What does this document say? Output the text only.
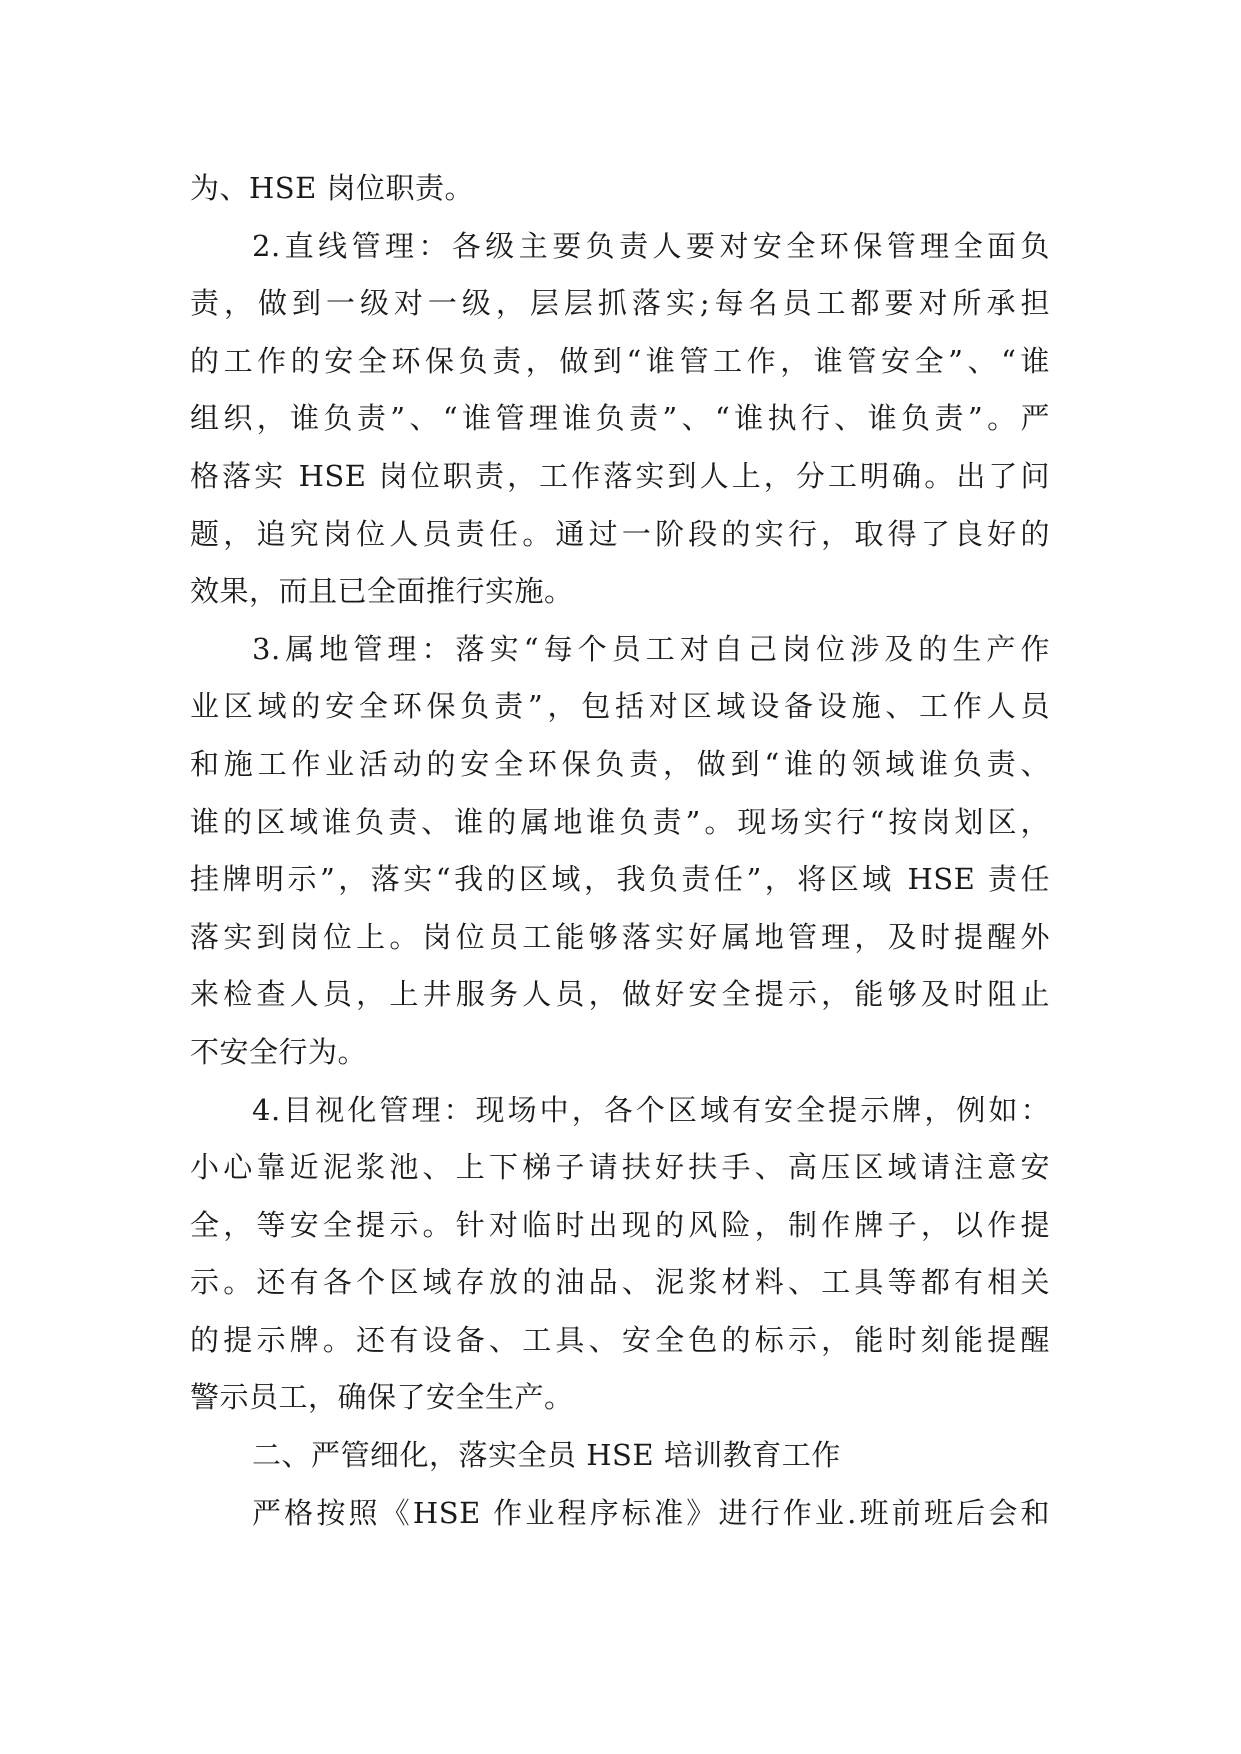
为、HSE 岗位职责。
2.直线管理：各级主要负责人要对安全环保管理全面负
责，做到一级对一级，层层抓落实;每名员工都要对所承担
的工作的安全环保负责，做到“谁管工作，谁管安全”、“谁
组织，谁负责”、“谁管理谁负责”、“谁执行、谁负责”。严
格落实 HSE 岗位职责，工作落实到人上，分工明确。出了问
题，追究岗位人员责任。通过一阶段的实行，取得了良好的
效果，而且已全面推行实施。
3.属地管理：落实“每个员工对自己岗位涉及的生产作
业区域的安全环保负责”，包括对区域设备设施、工作人员
和施工作业活动的安全环保负责，做到“谁的领域谁负责、
谁的区域谁负责、谁的属地谁负责”。现场实行“按岗划区，
挂牌明示”，落实“我的区域，我负责任”，将区域 HSE 责任
落实到岗位上。岗位员工能够落实好属地管理，及时提醒外
来检查人员，上井服务人员，做好安全提示，能够及时阻止
不安全行为。
4.目视化管理：现场中，各个区域有安全提示牌，例如：
小心靠近泥浆池、上下梯子请扶好扶手、高压区域请注意安
全，等安全提示。针对临时出现的风险，制作牌子，以作提
示。还有各个区域存放的油品、泥浆材料、工具等都有相关
的提示牌。还有设备、工具、安全色的标示，能时刻能提醒
警示员工，确保了安全生产。
二、严管细化，落实全员 HSE 培训教育工作
严格按照《HSE 作业程序标准》进行作业.班前班后会和
